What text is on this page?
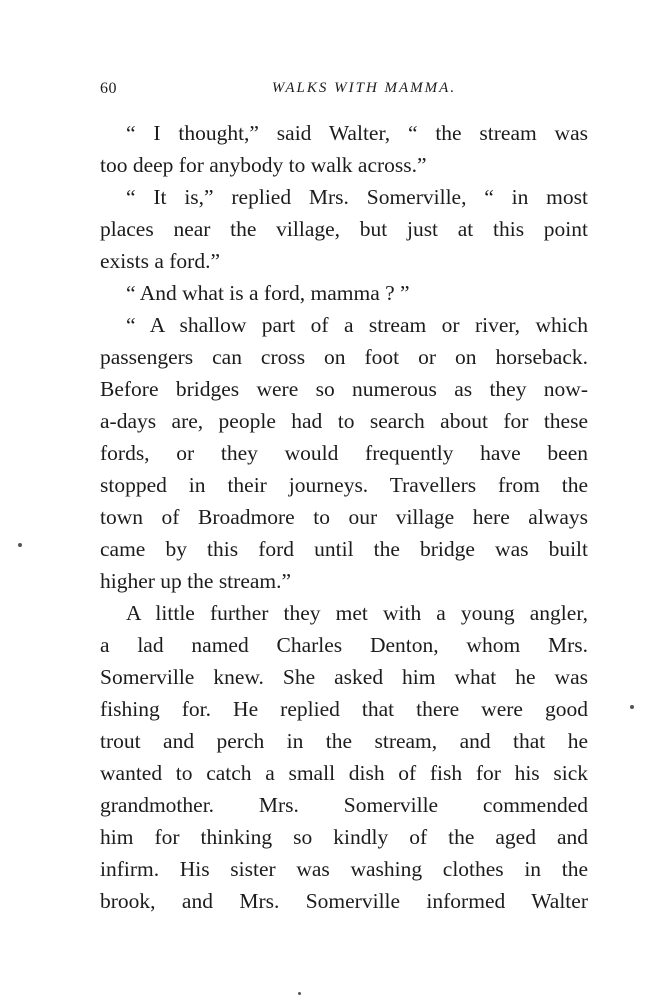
60	WALKS WITH MAMMA.
“ I thought,” said Walter, “ the stream was
too deep for anybody to walk across.”
“ It is,” replied Mrs. Somerville, “ in most
places near the village, but just at this point
exists a ford.”
“ And what is a ford, mamma ? ”
“ A shallow part of a stream or river, which
passengers can cross on foot or on horseback.
Before bridges were so numerous as they now-
a-days are, people had to search about for these
fords, or they would frequently have been
stopped in their journeys. Travellers from the
town of Broadmore to our village here always
came by this ford until the bridge was built
higher up the stream.”
A little further they met with a young angler,
a lad named Charles Denton, whom Mrs.
Somerville knew. She asked him what he was
fishing for. He replied that there were good
trout and perch in the stream, and that he
wanted to catch a small dish of fish for his sick
grandmother. Mrs. Somerville commended
him for thinking so kindly of the aged and
infirm. His sister was washing clothes in the
brook, and Mrs. Somerville informed Walter
